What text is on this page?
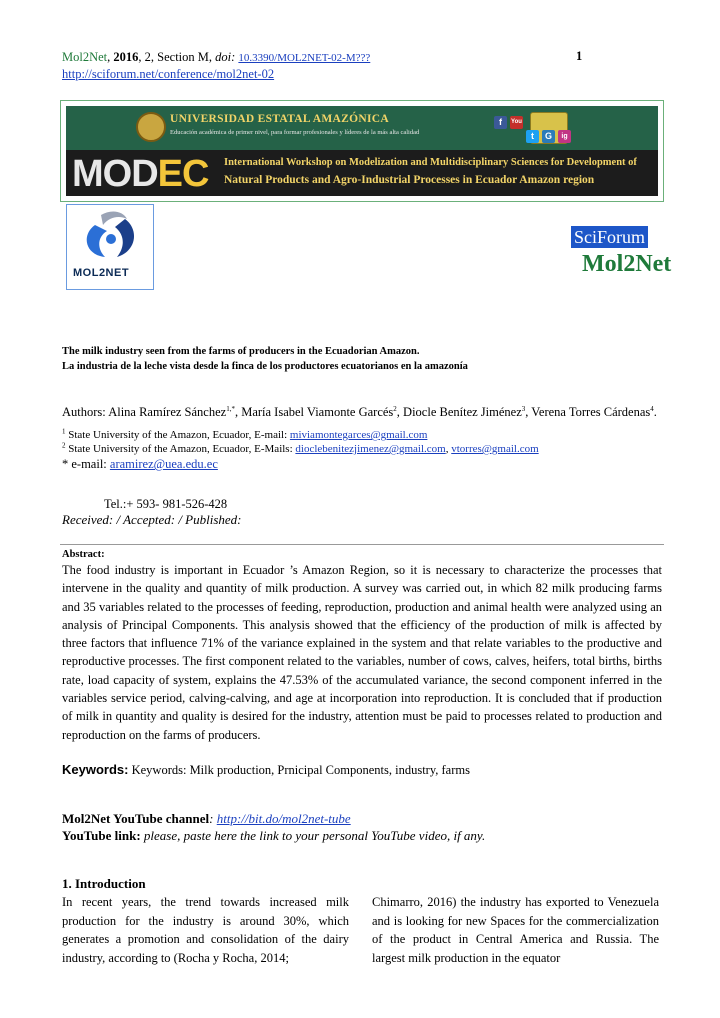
Mol2Net, 2016, 2, Section M, doi: 10.3390/MOL2NET-02-M???
http://sciforum.net/conference/mol2net-02
1
UNIVERSIDAD ESTATAL AMAZÓNICA
Educación académica de primer nivel, para formar profesionales y líderes de la más alta calidad
f	You
t	G	ig
MODEC International Workshop on Modelization and Multidisciplinary Sciences for Development of
Natural Products and Agro-Industrial Processes in Ecuador Amazon region
MOL2NET
SciForum
Mol2Net
The milk industry seen from the farms of producers in the Ecuadorian Amazon.
La industria de la leche vista desde la finca de los productores ecuatorianos en la amazonía
Authors: Alina Ramírez Sánchez$^{1,*}$, María Isabel Viamonte Garcés$^2$, Diocle Benítez Jiménez$^3$, Verena Torres Cárdenas$^4$.
$^1$ State University of the Amazon, Ecuador, E-mail: miviamontegarces@gmail.com
$^2$ State University of the Amazon, Ecuador, E-Mails: dioclebenitezjimenez@gmail.com, vtorres@gmail.com
* e-mail: aramirez@uea.edu.ec
Tel.:+ 593- 981-526-428
Received: / Accepted: / Published:
Abstract:
The food industry is important in Ecuador ’s Amazon Region, so it is necessary to characterize the processes that intervene in the quality and quantity of milk production. A survey was carried out, in which 82 milk producing farms and 35 variables related to the processes of feeding, reproduction, production and animal health were analyzed using an analysis of Principal Components. This analysis showed that the efficiency of the production of milk is affected by three factors that influence 71% of the variance explained in the system and that relate variables to the productive and reproductive processes. The first component related to the variables, number of cows, calves, heifers, total births, births rate, load capacity of system, explains the 47.53% of the accumulated variance, the second component inferred in the variables service period, calving-calving, and age at incorporation into reproduction. It is concluded that if production of milk in quantity and quality is desired for the industry, attention must be paid to processes related to production and reproduction on the farms of producers.
Keywords: Keywords: Milk production, Prnicipal Components, industry, farms
Mol2Net YouTube channel: http://bit.do/mol2net-tube
YouTube link: please, paste here the link to your personal YouTube video, if any.
1. Introduction
In recent years, the trend towards increased milk production for the industry is around 30%, which generates a promotion and consolidation of the dairy industry, according to (Rocha y Rocha, 2014;
Chimarro, 2016) the industry has exported to Venezuela and is looking for new Spaces for the commercialization of the product in Central America and Russia. The largest milk production in the equator
